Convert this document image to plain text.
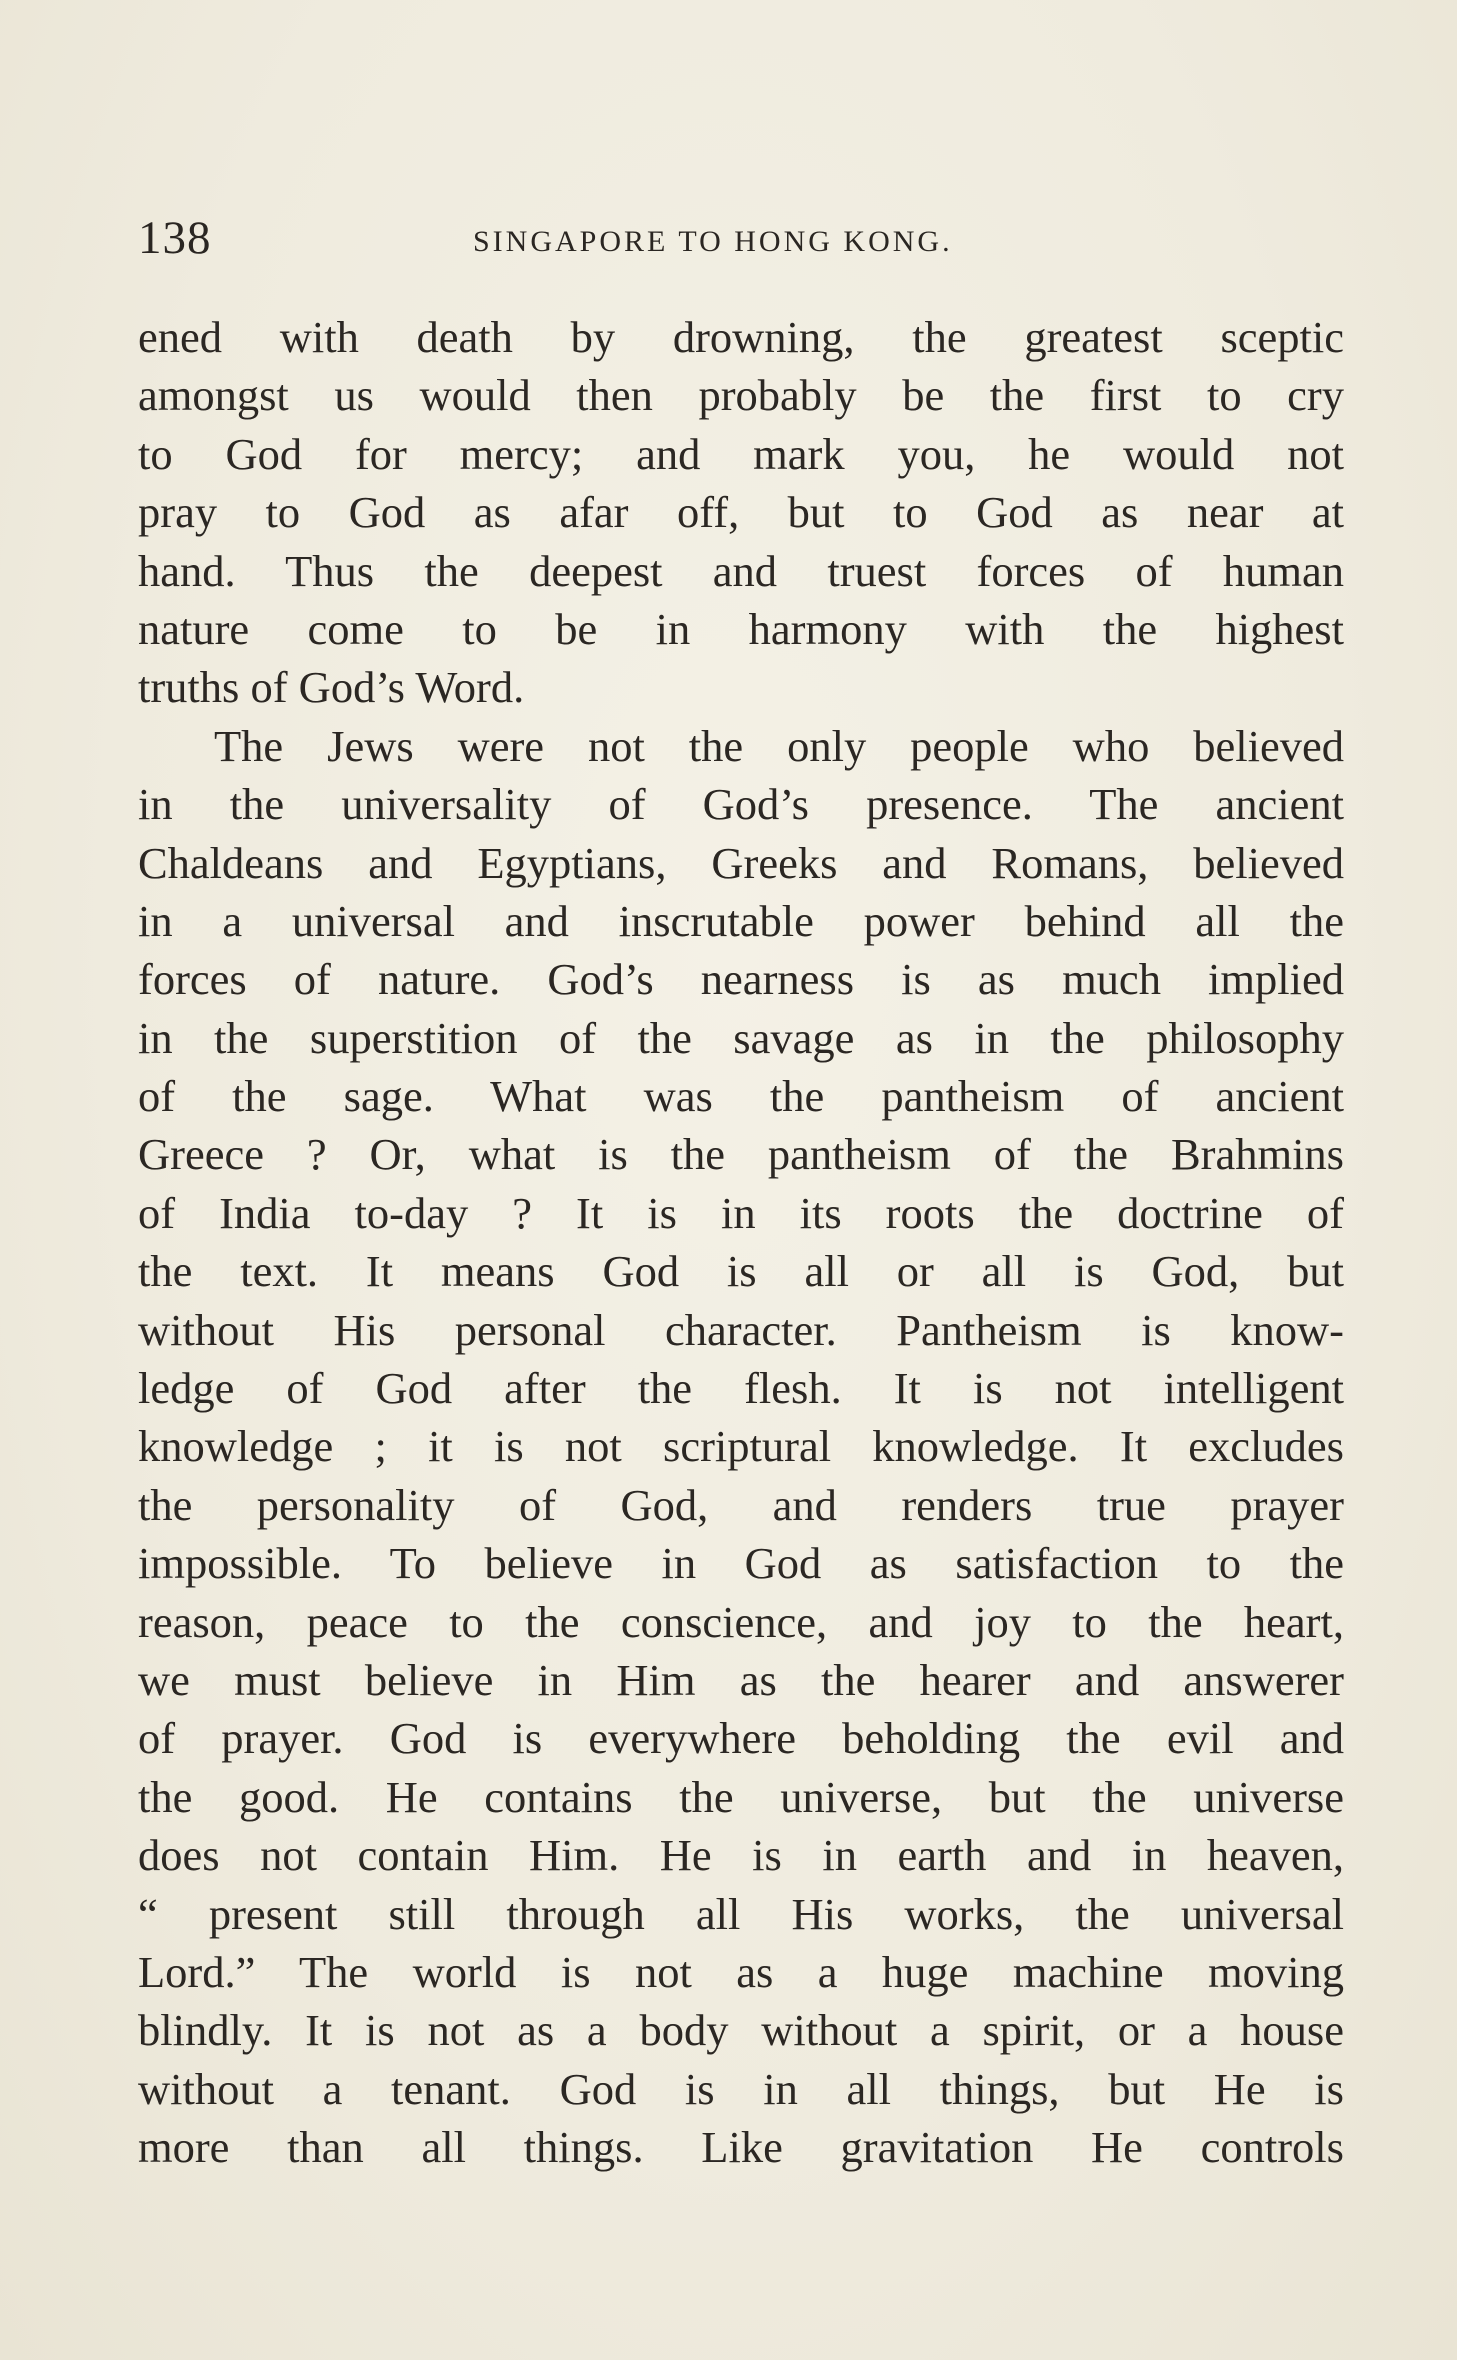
138	SINGAPORE TO HONG KONG.
ened with death by drowning, the greatest sceptic
amongst us would then probably be the first to cry
to God for mercy; and mark you, he would not
pray to God as afar off, but to God as near at
hand. Thus the deepest and truest forces of human
nature come to be in harmony with the highest
truths of God’s Word.
The Jews were not the only people who believed
in the universality of God’s presence. The ancient
Chaldeans and Egyptians, Greeks and Romans, believed
in a universal and inscrutable power behind all the
forces of nature. God’s nearness is as much implied
in the superstition of the savage as in the philosophy
of the sage. What was the pantheism of ancient
Greece ? Or, what is the pantheism of the Brahmins
of India to-day ? It is in its roots the doctrine of
the text. It means God is all or all is God, but
without His personal character. Pantheism is know-
ledge of God after the flesh. It is not intelligent
knowledge ; it is not scriptural knowledge. It excludes
the personality of God, and renders true prayer
impossible. To believe in God as satisfaction to the
reason, peace to the conscience, and joy to the heart,
we must believe in Him as the hearer and answerer
of prayer. God is everywhere beholding the evil and
the good. He contains the universe, but the universe
does not contain Him. He is in earth and in heaven,
“ present still through all His works, the universal
Lord.” The world is not as a huge machine moving
blindly. It is not as a body without a spirit, or a house
without a tenant. God is in all things, but He is
more than all things. Like gravitation He controls
